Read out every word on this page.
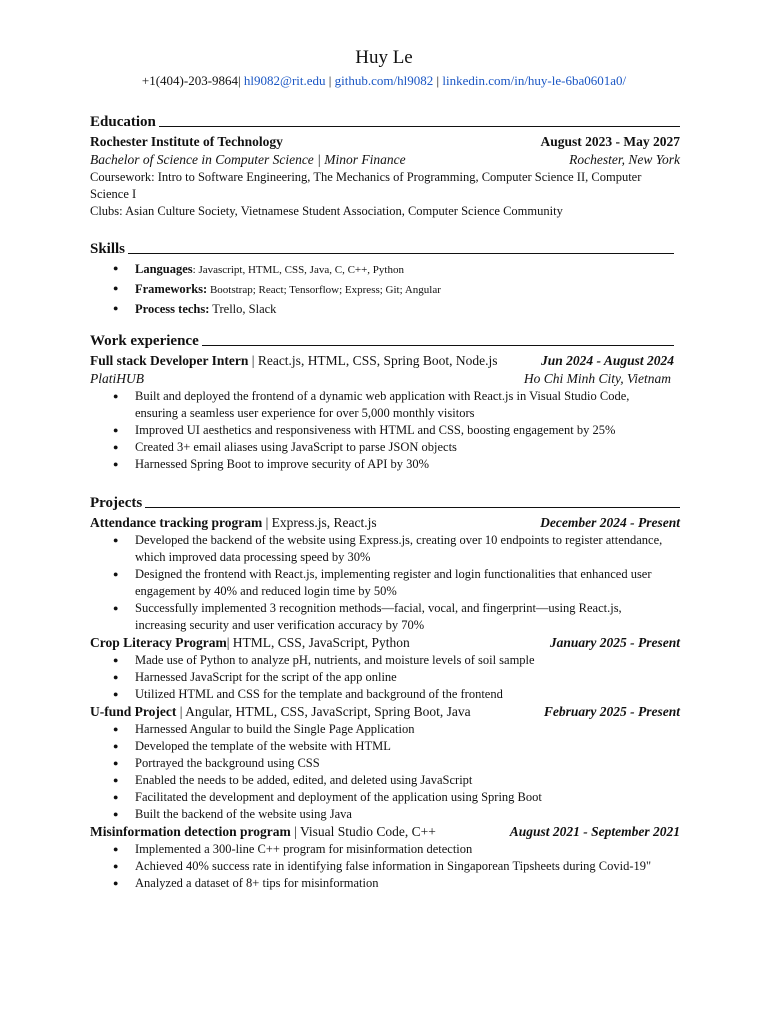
Huy Le
+1(404)-203-9864| hl9082@rit.edu | github.com/hl9082 | linkedin.com/in/huy-le-6ba0601a0/
Education
Rochester Institute of Technology	August 2023 - May 2027
Bachelor of Science in Computer Science | Minor Finance	Rochester, New York
Coursework: Intro to Software Engineering, The Mechanics of Programming, Computer Science II, Computer
Science I
Clubs: Asian Culture Society, Vietnamese Student Association, Computer Science Community
Skills
● Languages: Javascript, HTML, CSS, Java, C, C++, Python
● Frameworks: Bootstrap; React; Tensorflow; Express; Git; Angular
● Process techs: Trello, Slack
Work experience
Full stack Developer Intern | React.js, HTML, CSS, Spring Boot, Node.js	Jun 2024 - August 2024
PlatiHUB	Ho Chi Minh City, Vietnam
● Built and deployed the frontend of a dynamic web application with React.js in Visual Studio Code,
ensuring a seamless user experience for over 5,000 monthly visitors
● Improved UI aesthetics and responsiveness with HTML and CSS, boosting engagement by 25%
● Created 3+ email aliases using JavaScript to parse JSON objects
● Harnessed Spring Boot to improve security of API by 30%
Projects
Attendance tracking program | Express.js, React.js	December 2024 - Present
● Developed the backend of the website using Express.js, creating over 10 endpoints to register attendance,
which improved data processing speed by 30%
● Designed the frontend with React.js, implementing register and login functionalities that enhanced user
engagement by 40% and reduced login time by 50%
● Successfully implemented 3 recognition methods—facial, vocal, and fingerprint—using React.js,
increasing security and user verification accuracy by 70%
Crop Literacy Program| HTML, CSS, JavaScript, Python	January 2025 - Present
● Made use of Python to analyze pH, nutrients, and moisture levels of soil sample
● Harnessed JavaScript for the script of the app online
● Utilized HTML and CSS for the template and background of the frontend
U-fund Project | Angular, HTML, CSS, JavaScript, Spring Boot, Java	February 2025 - Present
● Harnessed Angular to build the Single Page Application
● Developed the template of the website with HTML
● Portrayed the background using CSS
● Enabled the needs to be added, edited, and deleted using JavaScript
● Facilitated the development and deployment of the application using Spring Boot
● Built the backend of the website using Java
Misinformation detection program | Visual Studio Code, C++	August 2021 - September 2021
● Implemented a 300-line C++ program for misinformation detection
● Achieved 40% success rate in identifying false information in Singaporean Tipsheets during Covid-19"
● Analyzed a dataset of 8+ tips for misinformation
